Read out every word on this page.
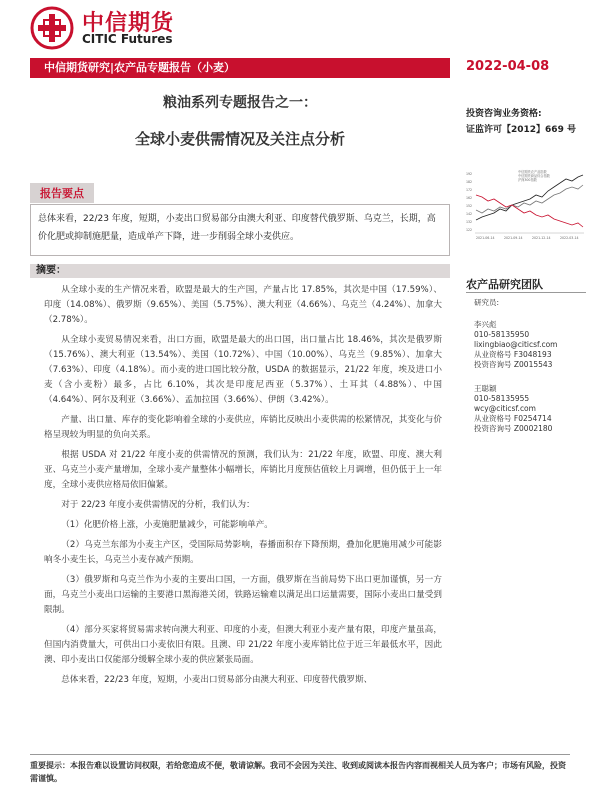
中信期货
CITIC Futures
中信期货研究|农产品专题报告（小麦）	2022-04-08
粮油系列专题报告之一：
全球小麦供需情况及关注点分析
投资咨询业务资格:
证监许可【2012】669 号
192
182
172
162
152
142
132
122
2021-06-14	2021-09-14	2021-12-14	2022-03-14
中信期货农产品指数
中信期货商品综合指数
沪深300指数
报告要点
总体来看，22/23 年度，短期，小麦出口贸易部分由澳大利亚、印度替代俄罗斯、乌克兰，长期，高价化肥或抑制施肥量，造成单产下降，进一步削弱全球小麦供应。
摘要：

从全球小麦的生产情况来看，欧盟是最大的生产国，产量占比 17.85%，其次是中国（17.59%）、印度（14.08%）、俄罗斯（9.65%）、美国（5.75%）、澳大利亚（4.66%）、乌克兰（4.24%）、加拿大（2.78%）。

从全球小麦贸易情况来看，出口方面，欧盟是最大的出口国，出口量占比 18.46%，其次是俄罗斯（15.76%）、澳大利亚（13.54%）、美国（10.72%）、中国（10.00%）、乌克兰（9.85%）、加拿大（7.63%）、印度（4.18%）。而小麦的进口国比较分散，USDA 的数据显示，21/22 年度，埃及进口小麦（含小麦粉）最多，占比 6.10%，其次是印度尼西亚（5.37%）、土耳其（4.88%）、中国（4.64%）、阿尔及利亚（3.66%）、孟加拉国（3.66%）、伊朗（3.42%）。

产量、出口量、库存的变化影响着全球的小麦供应，库销比反映出小麦供需的松紧情况，其变化与价格呈现较为明显的负向关系。

根据 USDA 对 21/22 年度小麦的供需情况的预测，我们认为：21/22 年度，欧盟、印度、澳大利亚、乌克兰小麦产量增加，全球小麦产量整体小幅增长，库销比月度预估值较上月调增，但仍低于上一年度，全球小麦供应格局依旧偏紧。

对于 22/23 年度小麦供需情况的分析，我们认为：

（1）化肥价格上涨，小麦施肥量减少，可能影响单产。

（2）乌克兰东部为小麦主产区，受国际局势影响，春播面积存下降预期，叠加化肥施用减少可能影响冬小麦生长，乌克兰小麦存减产预期。

（3）俄罗斯和乌克兰作为小麦的主要出口国，一方面，俄罗斯在当前局势下出口更加谨慎，另一方面，乌克兰小麦出口运输的主要港口黑海港关闭，铁路运输难以满足出口运量需要，国际小麦出口量受到限制。

（4）部分买家将贸易需求转向澳大利亚、印度的小麦，但澳大利亚小麦产量有限，印度产量虽高，但国内消费量大，可供出口小麦依旧有限。且澳、印 21/22 年度小麦库销比位于近三年最低水平，因此澳、印小麦出口仅能部分缓解全球小麦的供应紧张局面。

总体来看，22/23 年度，短期，小麦出口贸易部分由澳大利亚、印度替代俄罗斯、

农产品研究团队
研究员:
李兴彪
010-58135950
lixingbiao@citicsf.com
从业资格号 F3048193
投资咨询号 Z0015543
王聪颖
010-58135955
wcy@citicsf.com
从业资格号 F0254714
投资咨询号 Z0002180
重要提示：本报告难以设置访问权限，若给您造成不便，敬请谅解。我司不会因为关注、收到或阅读本报告内容而视相关人员为客户；市场有风险，投资需谨慎。
